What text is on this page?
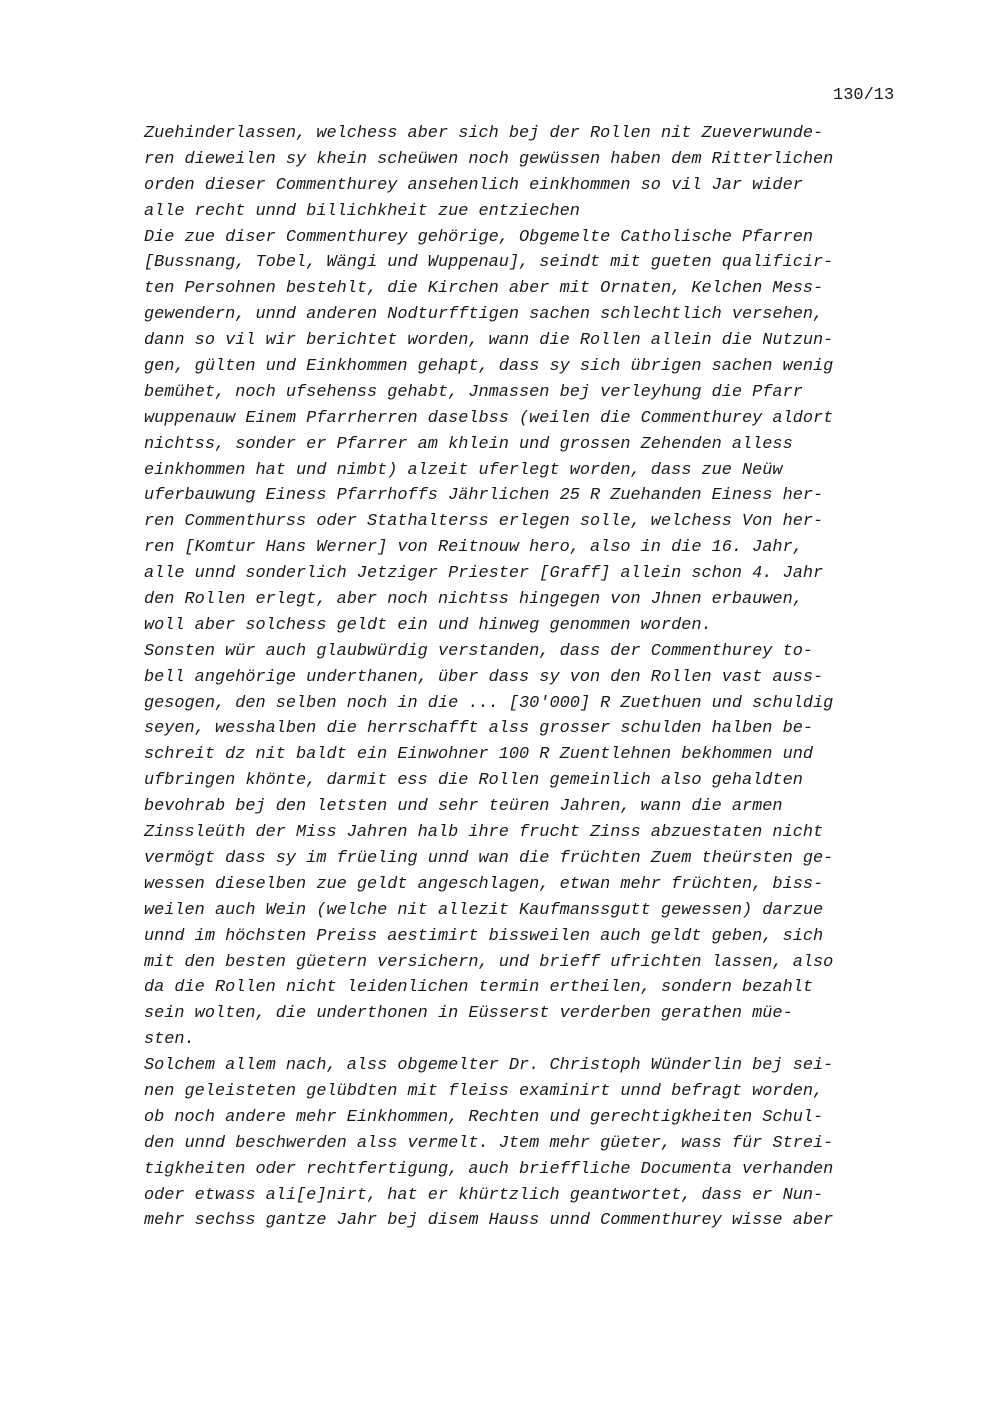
130/13
Zuehinderlassen, welchess aber sich bej der Rollen nit Zueverwunde-
ren dieweilen sy khein scheüwen noch gewüssen haben dem Ritterlichen
orden dieser Commenthurey ansehenlich einkhommen so vil Jar wider
alle recht unnd billichkheit zue entziechen
Die zue diser Commenthurey gehörige, Obgemelte Catholische Pfarren
[Bussnang, Tobel, Wängi und Wuppenau], seindt mit gueten qualificir-
ten Persohnen bestehlt, die Kirchen aber mit Ornaten, Kelchen Mess-
gewendern, unnd anderen Nodturfftigen sachen schlechtlich versehen,
dann so vil wir berichtet worden, wann die Rollen allein die Nutzun-
gen, gülten und Einkhommen gehapt, dass sy sich übrigen sachen wenig
bemühet, noch ufsehenss gehabt, Jnmassen bej verleyhung die Pfarr
wuppenauw Einem Pfarrherren daselbss (weilen die Commenthurey aldort
nichtss, sonder er Pfarrer am khlein und grossen Zehenden alless
einkhommen hat und nimbt) alzeit uferlegt worden, dass zue Neüw
uferbauwung Einess Pfarrhoffs Jährlichen 25 R Zuehanden Einess her-
ren Commenthurss oder Stathalterss erlegen solle, welchess Von her-
ren [Komtur Hans Werner] von Reitnouw hero, also in die 16. Jahr,
alle unnd sonderlich Jetziger Priester [Graff] allein schon 4. Jahr
den Rollen erlegt, aber noch nichtss hingegen von Jhnen erbauwen,
woll aber solchess geldt ein und hinweg genommen worden.
Sonsten wür auch glaubwürdig verstanden, dass der Commenthurey to-
bell angehörige underthanen, über dass sy von den Rollen vast auss-
gesogen, den selben noch in die ... [30'000] R Zuethuen und schuldig
seyen, wesshalben die herrschafft alss grosser schulden halben be-
schreit dz nit baldt ein Einwohner 100 R Zuentlehnen bekhommen und
ufbringen khönte, darmit ess die Rollen gemeinlich also gehaldten
bevohrab bej den letsten und sehr teüren Jahren, wann die armen
Zinssleüth der Miss Jahren halb ihre frucht Zinss abzuestaten nicht
vermögt dass sy im früeling unnd wan die früchten Zuem theürsten ge-
wessen dieselben zue geldt angeschlagen, etwan mehr früchten, biss-
weilen auch Wein (welche nit allezit Kaufmanssgutt gewessen) darzue
unnd im höchsten Preiss aestimirt bissweilen auch geldt geben, sich
mit den besten güetern versichern, und brieff ufrichten lassen, also
da die Rollen nicht leidenlichen termin ertheilen, sondern bezahlt
sein wolten, die underthonen in Eüsserst verderben gerathen müe-
sten.
Solchem allem nach, alss obgemelter Dr. Christoph Wünderlin bej sei-
nen geleisteten gelübdten mit fleiss examinirt unnd befragt worden,
ob noch andere mehr Einkhommen, Rechten und gerechtigkheiten Schul-
den unnd beschwerden alss vermelt. Jtem mehr güeter, wass für Strei-
tigkheiten oder rechtfertigung, auch brieffliche Documenta verhanden
oder etwass ali[e]nirt, hat er khürtzlich geantwortet, dass er Nun-
mehr sechss gantze Jahr bej disem Hauss unnd Commenthurey wisse aber
